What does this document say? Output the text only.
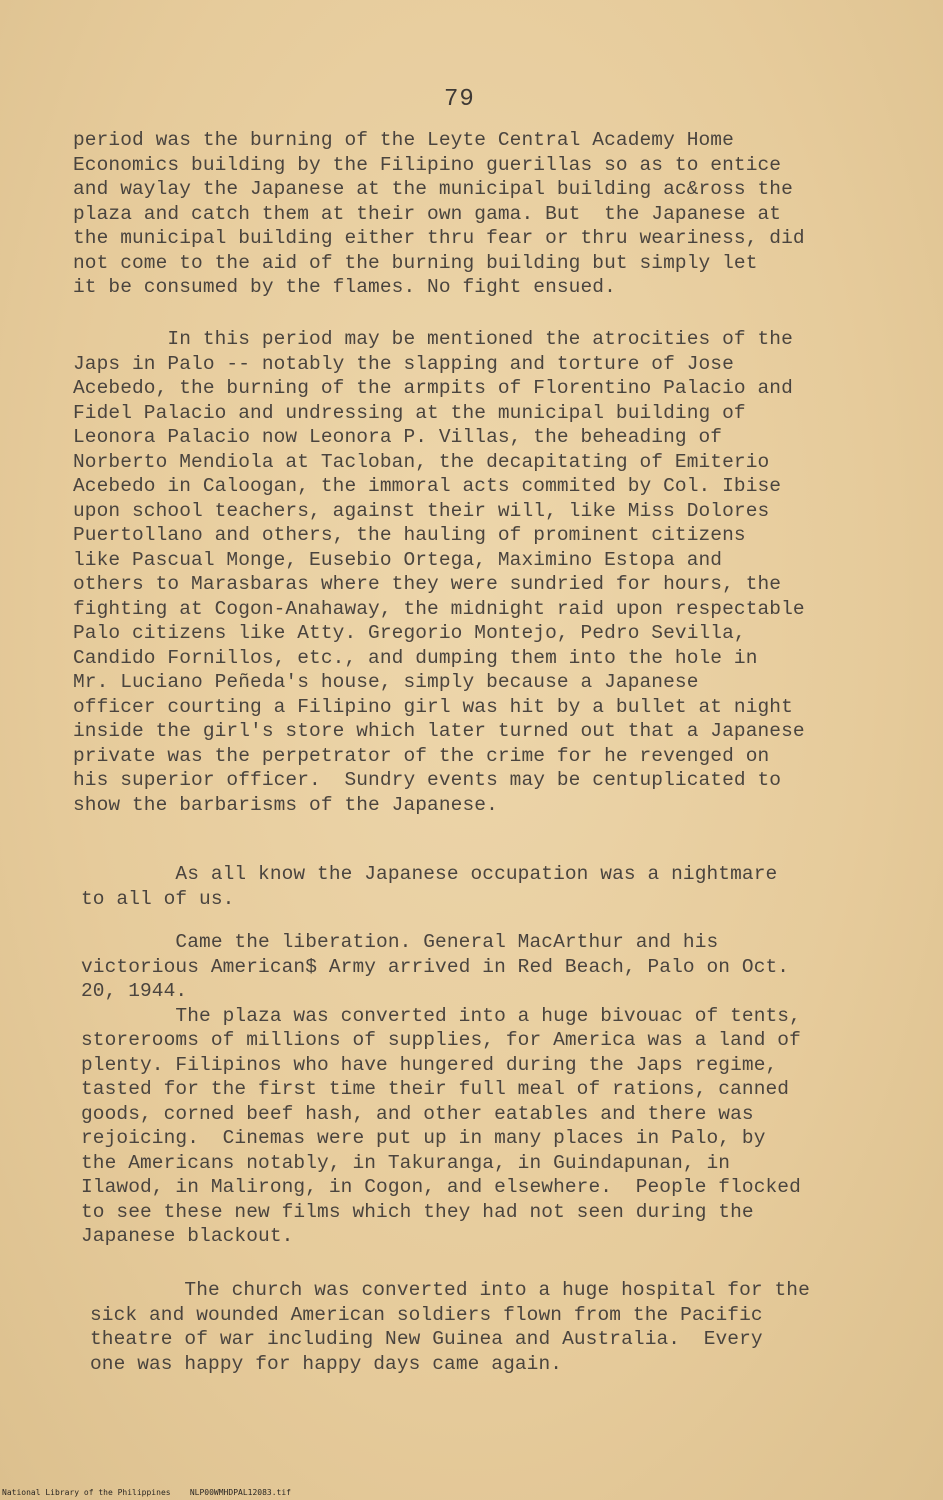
79
period was the burning of the Leyte Central Academy Home
Economics building by the Filipino guerillas so as to entice
and waylay the Japanese at the municipal building ac&ross the
plaza and catch them at their own gama. But  the Japanese at
the municipal building either thru fear or thru weariness, did
not come to the aid of the burning building but simply let
it be consumed by the flames. No fight ensued.
In this period may be mentioned the atrocities of the
Japs in Palo -- notably the slapping and torture of Jose
Acebedo, the burning of the armpits of Florentino Palacio and
Fidel Palacio and undressing at the municipal building of
Leonora Palacio now Leonora P. Villas, the beheading of
Norberto Mendiola at Tacloban, the decapitating of Emiterio
Acebedo in Caloogan, the immoral acts commited by Col. Ibise
upon school teachers, against their will, like Miss Dolores
Puertollano and others, the hauling of prominent citizens
like Pascual Monge, Eusebio Ortega, Maximino Estopa and
others to Marasbaras where they were sundried for hours, the
fighting at Cogon-Anahaway, the midnight raid upon respectable
Palo citizens like Atty. Gregorio Montejo, Pedro Sevilla,
Candido Fornillos, etc., and dumping them into the hole in
Mr. Luciano Peñeda's house, simply because a Japanese
officer courting a Filipino girl was hit by a bullet at night
inside the girl's store which later turned out that a Japanese
private was the perpetrator of the crime for he revenged on
his superior officer.  Sundry events may be centuplicated to
show the barbarisms of the Japanese.
As all know the Japanese occupation was a nightmare
to all of us.
Came the liberation. General MacArthur and his
victorious American$ Army arrived in Red Beach, Palo on Oct.
20, 1944.
The plaza was converted into a huge bivouac of tents,
storerooms of millions of supplies, for America was a land of
plenty. Filipinos who have hungered during the Japs regime,
tasted for the first time their full meal of rations, canned
goods, corned beef hash, and other eatables and there was
rejoicing.  Cinemas were put up in many places in Palo, by
the Americans notably, in Takuranga, in Guindapunan, in
Ilawod, in Malirong, in Cogon, and elsewhere.  People flocked
to see these new films which they had not seen during the
Japanese blackout.
The church was converted into a huge hospital for the
sick and wounded American soldiers flown from the Pacific
theatre of war including New Guinea and Australia.  Every
one was happy for happy days came again.
National Library of the Philippines    NLP00WMHDPAL12083.tif
